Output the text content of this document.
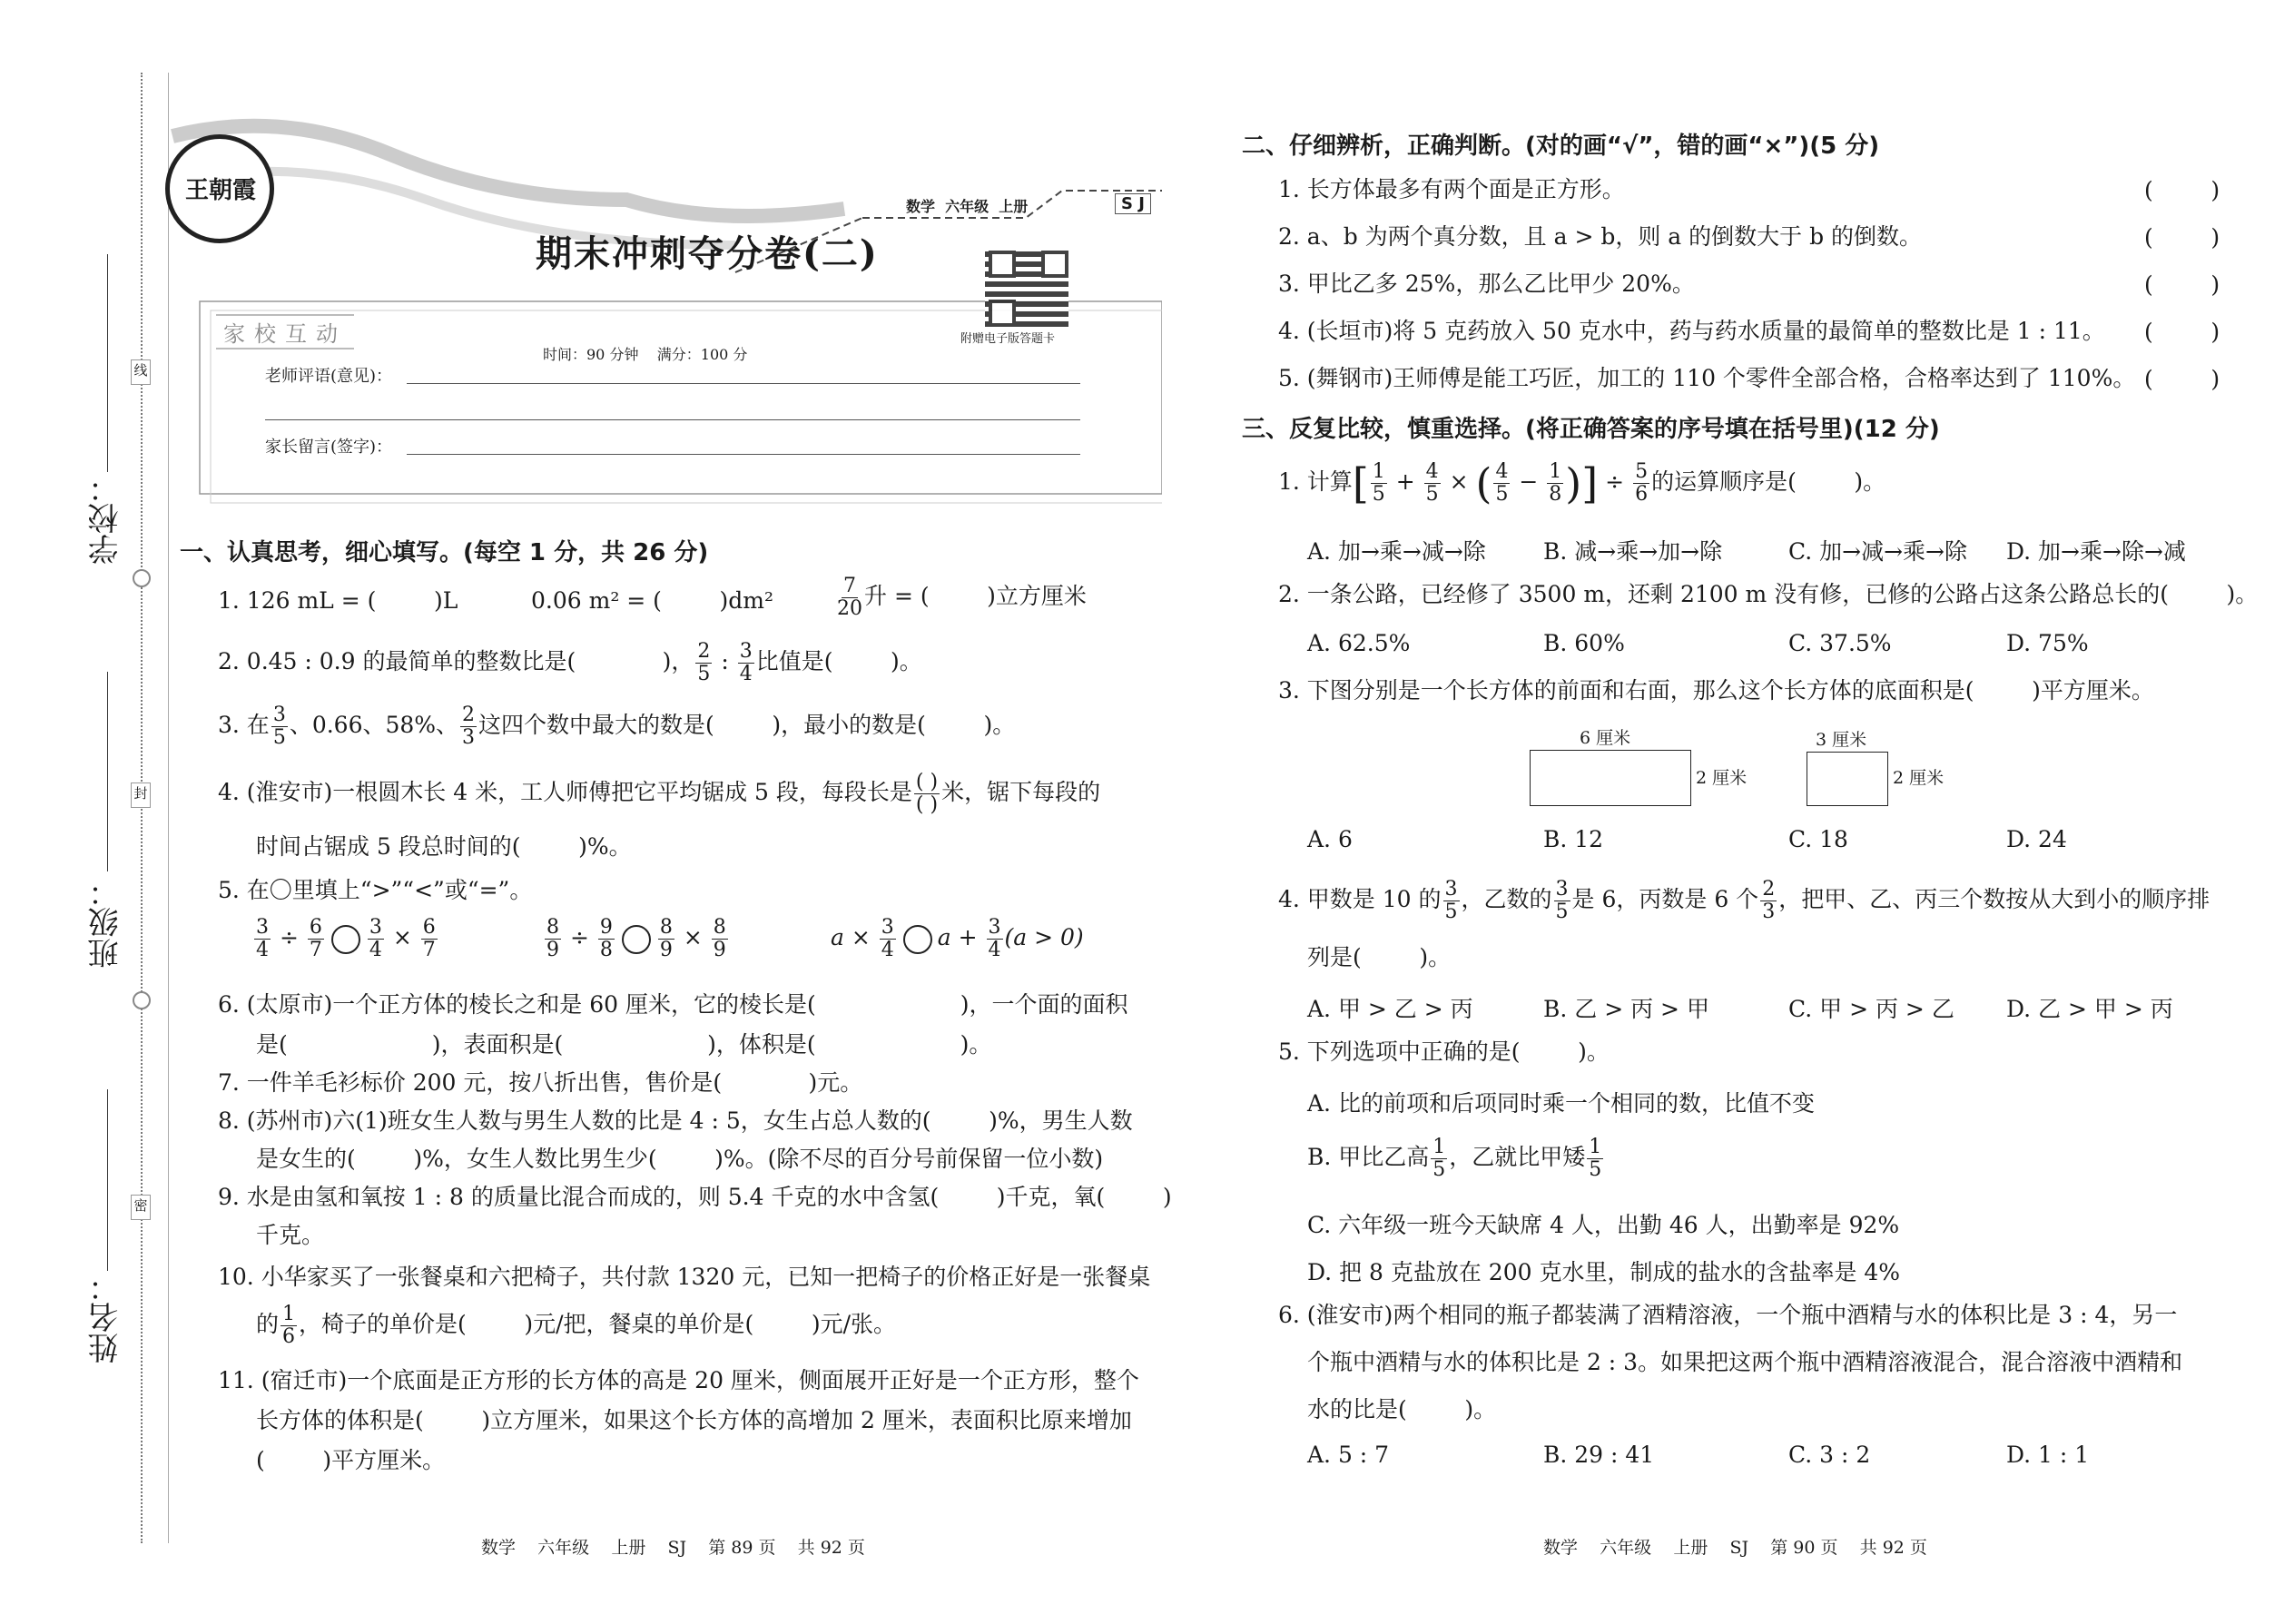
学校：
班级：
姓名：
线
封
密
王朝霞
数学  六年级  上册	S J
期末冲刺夺分卷(二)
附赠电子版答题卡
家校互动
时间：90 分钟    满分：100 分
老师评语(意见)：
家长留言(签字)：
一、认真思考，细心填写。(每空 1 分，共 26 分)
1. 126 mL = (        )L	0.06 m² = (        )dm²	$\frac{7}{20}$ 升 = (        )立方厘米
2. 0.45 : 0.9 的最简单的整数比是(            )， $\frac{2}{5}$ : $\frac{3}{4}$ 比值是(        )。
3. 在 $\frac{3}{5}$ 、0.66、58%、 $\frac{2}{3}$ 这四个数中最大的数是(        )，最小的数是(        )。
4. (淮安市)一根圆木长 4 米，工人师傅把它平均锯成 5 段，每段长是 $\frac{( )}{( )}$ 米，锯下每段的
时间占锯成 5 段总时间的(        )%。
5. 在〇里填上“>”“<”或“=”。
$\frac{3}{4} \div \frac{6}{7} \frac{3}{4} \times \frac{6}{7}$	$\frac{8}{9} \div \frac{9}{8} \frac{8}{9} \times \frac{8}{9}$	$a \times \frac{3}{4}$ $a + \frac{3}{4} (a > 0)$
6. (太原市)一个正方体的棱长之和是 60 厘米，它的棱长是(                    )，一个面的面积
是(                    )，表面积是(                    )，体积是(                    )。
7. 一件羊毛衫标价 200 元，按八折出售，售价是(            )元。
8. (苏州市)六(1)班女生人数与男生人数的比是 4 : 5，女生占总人数的(        )%，男生人数
是女生的(        )%，女生人数比男生少(        )%。(除不尽的百分号前保留一位小数)
9. 水是由氢和氧按 1 : 8 的质量比混合而成的，则 5.4 千克的水中含氢(        )千克，氧(        )
千克。
10. 小华家买了一张餐桌和六把椅子，共付款 1320 元，已知一把椅子的价格正好是一张餐桌
的 $\frac{1}{6}$ ，椅子的单价是(        )元/把，餐桌的单价是(        )元/张。
11. (宿迁市)一个底面是正方形的长方体的高是 20 厘米，侧面展开正好是一个正方形，整个
长方体的体积是(        )立方厘米，如果这个长方体的高增加 2 厘米，表面积比原来增加
(        )平方厘米。
数学    六年级    上册    SJ    第 89 页    共 92 页
二、仔细辨析，正确判断。(对的画“√”，错的画“×”)(5 分)
1. 长方体最多有两个面是正方形。
2. a、b 为两个真分数，且 a > b，则 a 的倒数大于 b 的倒数。
3. 甲比乙多 25%，那么乙比甲少 20%。
4. (长垣市)将 5 克药放入 50 克水中，药与药水质量的最简单的整数比是 1 : 11。
5. (舞钢市)王师傅是能工巧匠，加工的 110 个零件全部合格，合格率达到了 110%。
(        )
(        )
(        )
(        )
(        )
三、反复比较，慎重选择。(将正确答案的序号填在括号里)(12 分)
1. 计算[ $\frac{1}{5} + \frac{4}{5}$ × ( $\frac{4}{5} - \frac{1}{8}$ )] ÷ $\frac{5}{6}$ 的运算顺序是(        )。
A. 加→乘→减→除	B. 减→乘→加→除	C. 加→减→乘→除 D. 加→乘→除→减
2. 一条公路，已经修了 3500 m，还剩 2100 m 没有修，已修的公路占这条公路总长的(        )。
A. 62.5%	B. 60%	C. 37.5%	D. 75%
3. 下图分别是一个长方体的前面和右面，那么这个长方体的底面积是(        )平方厘米。
6 厘米
2 厘米
3 厘米
2 厘米
A. 6	B. 12	C. 18	D. 24
4. 甲数是 10 的 $\frac{3}{5}$ ，乙数的 $\frac{3}{5}$ 是 6，丙数是 6 个 $\frac{2}{3}$ ，把甲、乙、丙三个数按从大到小的顺序排
列是(        )。
A. 甲 > 乙 > 丙	B. 乙 > 丙 > 甲	C. 甲 > 丙 > 乙 D. 乙 > 甲 > 丙
5. 下列选项中正确的是(        )。
A. 比的前项和后项同时乘一个相同的数，比值不变
B. 甲比乙高 $\frac{1}{5}$ ，乙就比甲矮 $\frac{1}{5}$
C. 六年级一班今天缺席 4 人，出勤 46 人，出勤率是 92%
D. 把 8 克盐放在 200 克水里，制成的盐水的含盐率是 4%
6. (淮安市)两个相同的瓶子都装满了酒精溶液，一个瓶中酒精与水的体积比是 3 : 4，另一
个瓶中酒精与水的体积比是 2 : 3。如果把这两个瓶中酒精溶液混合，混合溶液中酒精和
水的比是(        )。
A. 5 : 7	B. 29 : 41	C. 3 : 2	D. 1 : 1
数学    六年级    上册    SJ    第 90 页    共 92 页
